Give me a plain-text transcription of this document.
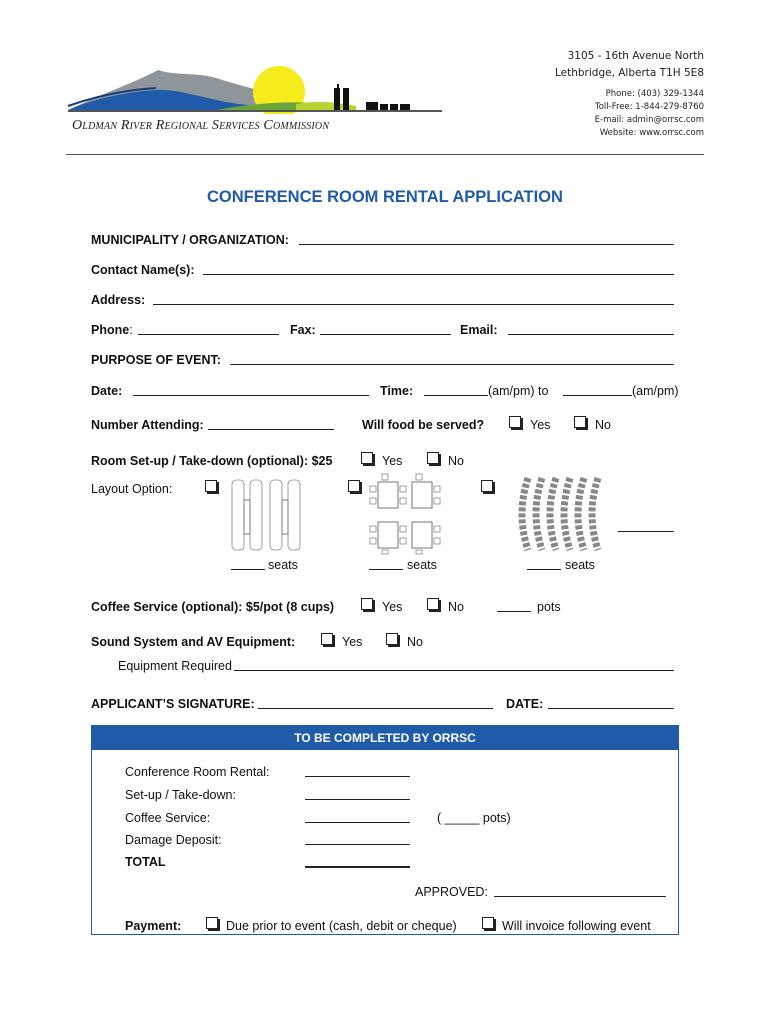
Oldman River Regional Services Commission
3105 - 16th Avenue North
Lethbridge, Alberta T1H 5E8
Phone: (403) 329-1344
Toll-Free: 1-844-279-8760
E-mail: admin@orrsc.com
Website: www.orrsc.com
CONFERENCE ROOM RENTAL APPLICATION
MUNICIPALITY / ORGANIZATION:
Contact Name(s):
Address:
Phone:	Fax:	Email:
PURPOSE OF EVENT:
Date:	Time:	(am/pm) to	(am/pm)
Number Attending:	Will food be served?	Yes	No
Room Set-up / Take-down (optional): $25	Yes	No
Layout Option:
seats	seats	seats
Coffee Service (optional): $5/pot (8 cups)	Yes	No	pots
Sound System and AV Equipment:	Yes	No
Equipment Required
APPLICANT’S SIGNATURE:	DATE:
TO BE COMPLETED BY ORRSC
Conference Room Rental:
Set-up / Take-down:
Coffee Service:	( _____ pots)
Damage Deposit:
TOTAL
APPROVED:
Payment:	Due prior to event (cash, debit or cheque)	Will invoice following event
